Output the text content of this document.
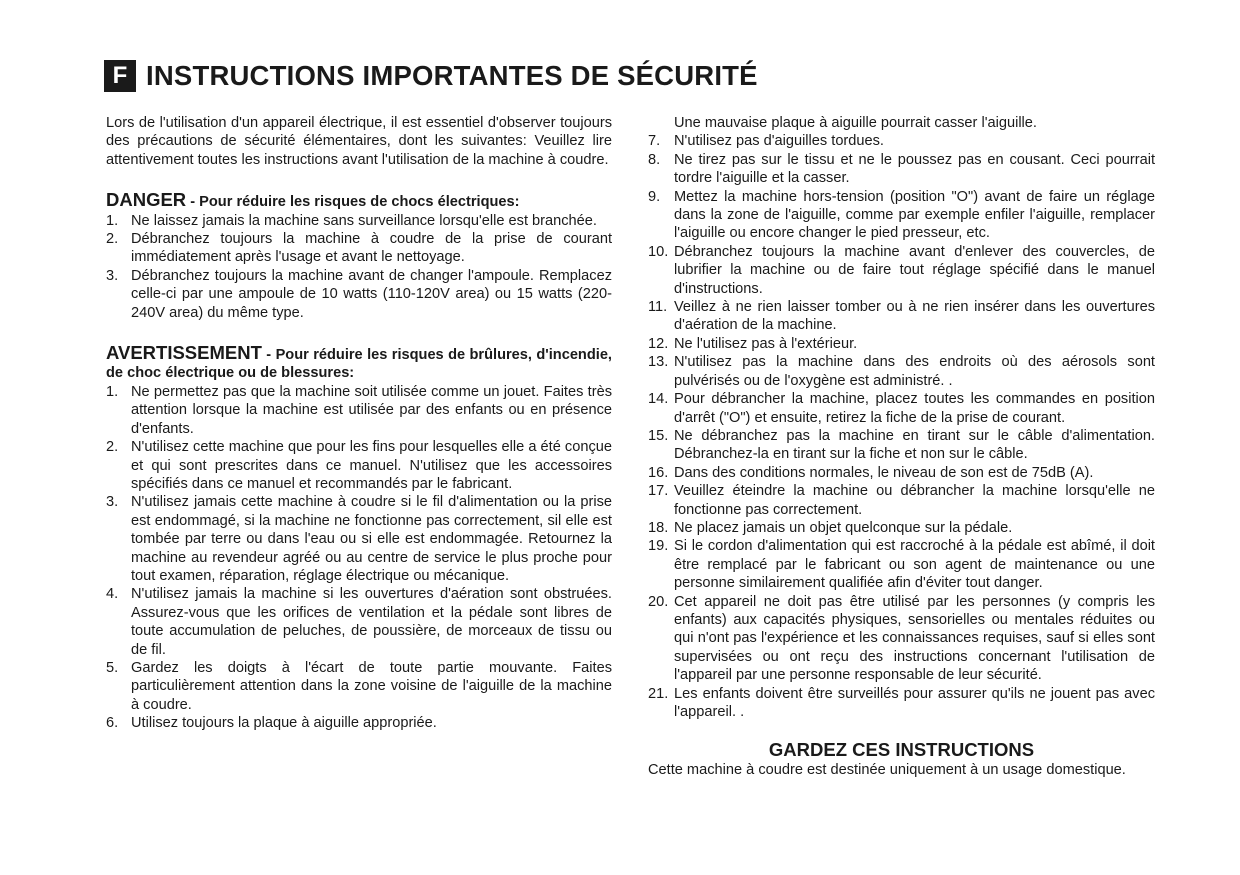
F INSTRUCTIONS IMPORTANTES DE SÉCURITÉ

Lors de l'utilisation d'un appareil électrique, il est essentiel d'observer toujours des précautions de sécurité élémentaires, dont les suivantes: Veuillez lire attentivement toutes les instructions avant l'utilisation de la machine à coudre.

DANGER - Pour réduire les risques de chocs électriques:
1. Ne laissez jamais la machine sans surveillance lorsqu'elle est branchée.
2. Débranchez toujours la machine à coudre de la prise de courant immédiatement après l'usage et avant le nettoyage.
3. Débranchez toujours la machine avant de changer l'ampoule. Remplacez celle-ci par une ampoule de 10 watts (110-120V area) ou 15 watts (220-240V area) du même type.
AVERTISSEMENT - Pour réduire les risques de brûlures, d'incendie, de choc électrique ou de blessures:
1. Ne permettez pas que la machine soit utilisée comme un jouet. Faites très attention lorsque la machine est utilisée par des enfants ou en présence d'enfants.
2. N'utilisez cette machine que pour les fins pour lesquelles elle a été conçue et qui sont prescrites dans ce manuel. N'utilisez que les accessoires spécifiés dans ce manuel et recommandés par le fabricant.
3. N'utilisez jamais cette machine à coudre si le fil d'alimentation ou la prise est endommagé, si la machine ne fonctionne pas correctement, sil elle est tombée par terre ou dans l'eau ou si elle est endommagée. Retournez la machine au revendeur agréé ou au centre de service le plus proche pour tout examen, réparation, réglage électrique ou mécanique.
4. N'utilisez jamais la machine si les ouvertures d'aération sont obstruées. Assurez-vous que les orifices de ventilation et la pédale sont libres de toute accumulation de peluches, de poussière, de morceaux de tissu ou de fil.
5. Gardez les doigts à l'écart de toute partie mouvante. Faites particulièrement attention dans la zone voisine de l'aiguille de la machine à coudre.
6. Utilisez toujours la plaque à aiguille appropriée.
Une mauvaise plaque à aiguille pourrait casser l'aiguille.
7. N'utilisez pas d'aiguilles tordues.
8. Ne tirez pas sur le tissu et ne le poussez pas en cousant. Ceci pourrait tordre l'aiguille et la casser.
9. Mettez la machine hors-tension (position "O") avant de faire un réglage dans la zone de l'aiguille, comme par exemple enfiler l'aiguille, remplacer l'aiguille ou encore changer le pied presseur, etc.
10. Débranchez toujours la machine avant d'enlever des couvercles, de lubrifier la machine ou de faire tout réglage spécifié dans le manuel d'instructions.
11. Veillez à ne rien laisser tomber ou à ne rien insérer dans les ouvertures d'aération de la machine.
12. Ne l'utilisez pas à l'extérieur.
13. N'utilisez pas la machine dans des endroits où des aérosols sont pulvérisés ou de l'oxygène est administré. .
14. Pour débrancher la machine, placez toutes les commandes en position d'arrêt ("O") et ensuite, retirez la fiche de la prise de courant.
15. Ne débranchez pas la machine en tirant sur le câble d'alimentation. Débranchez-la en tirant sur la fiche et non sur le câble.
16. Dans des conditions normales, le niveau de son est de 75dB (A).
17. Veuillez éteindre la machine ou débrancher la machine lorsqu'elle ne fonctionne pas correctement.
18. Ne placez jamais un objet quelconque sur la pédale.
19. Si le cordon d'alimentation qui est raccroché à la pédale est abîmé, il doit être remplacé par le fabricant ou son agent de maintenance ou une personne similairement qualifiée afin d'éviter tout danger.
20. Cet appareil ne doit pas être utilisé par les personnes (y compris les enfants) aux capacités physiques, sensorielles ou mentales réduites ou qui n'ont pas l'expérience et les connaissances requises, sauf si elles sont supervisées ou ont reçu des instructions concernant l'utilisation de l'appareil par une personne responsable de leur sécurité.
21. Les enfants doivent être surveillés pour assurer qu'ils ne jouent pas avec l'appareil. .
GARDEZ CES INSTRUCTIONS
Cette machine à coudre est destinée uniquement à un usage domestique.
